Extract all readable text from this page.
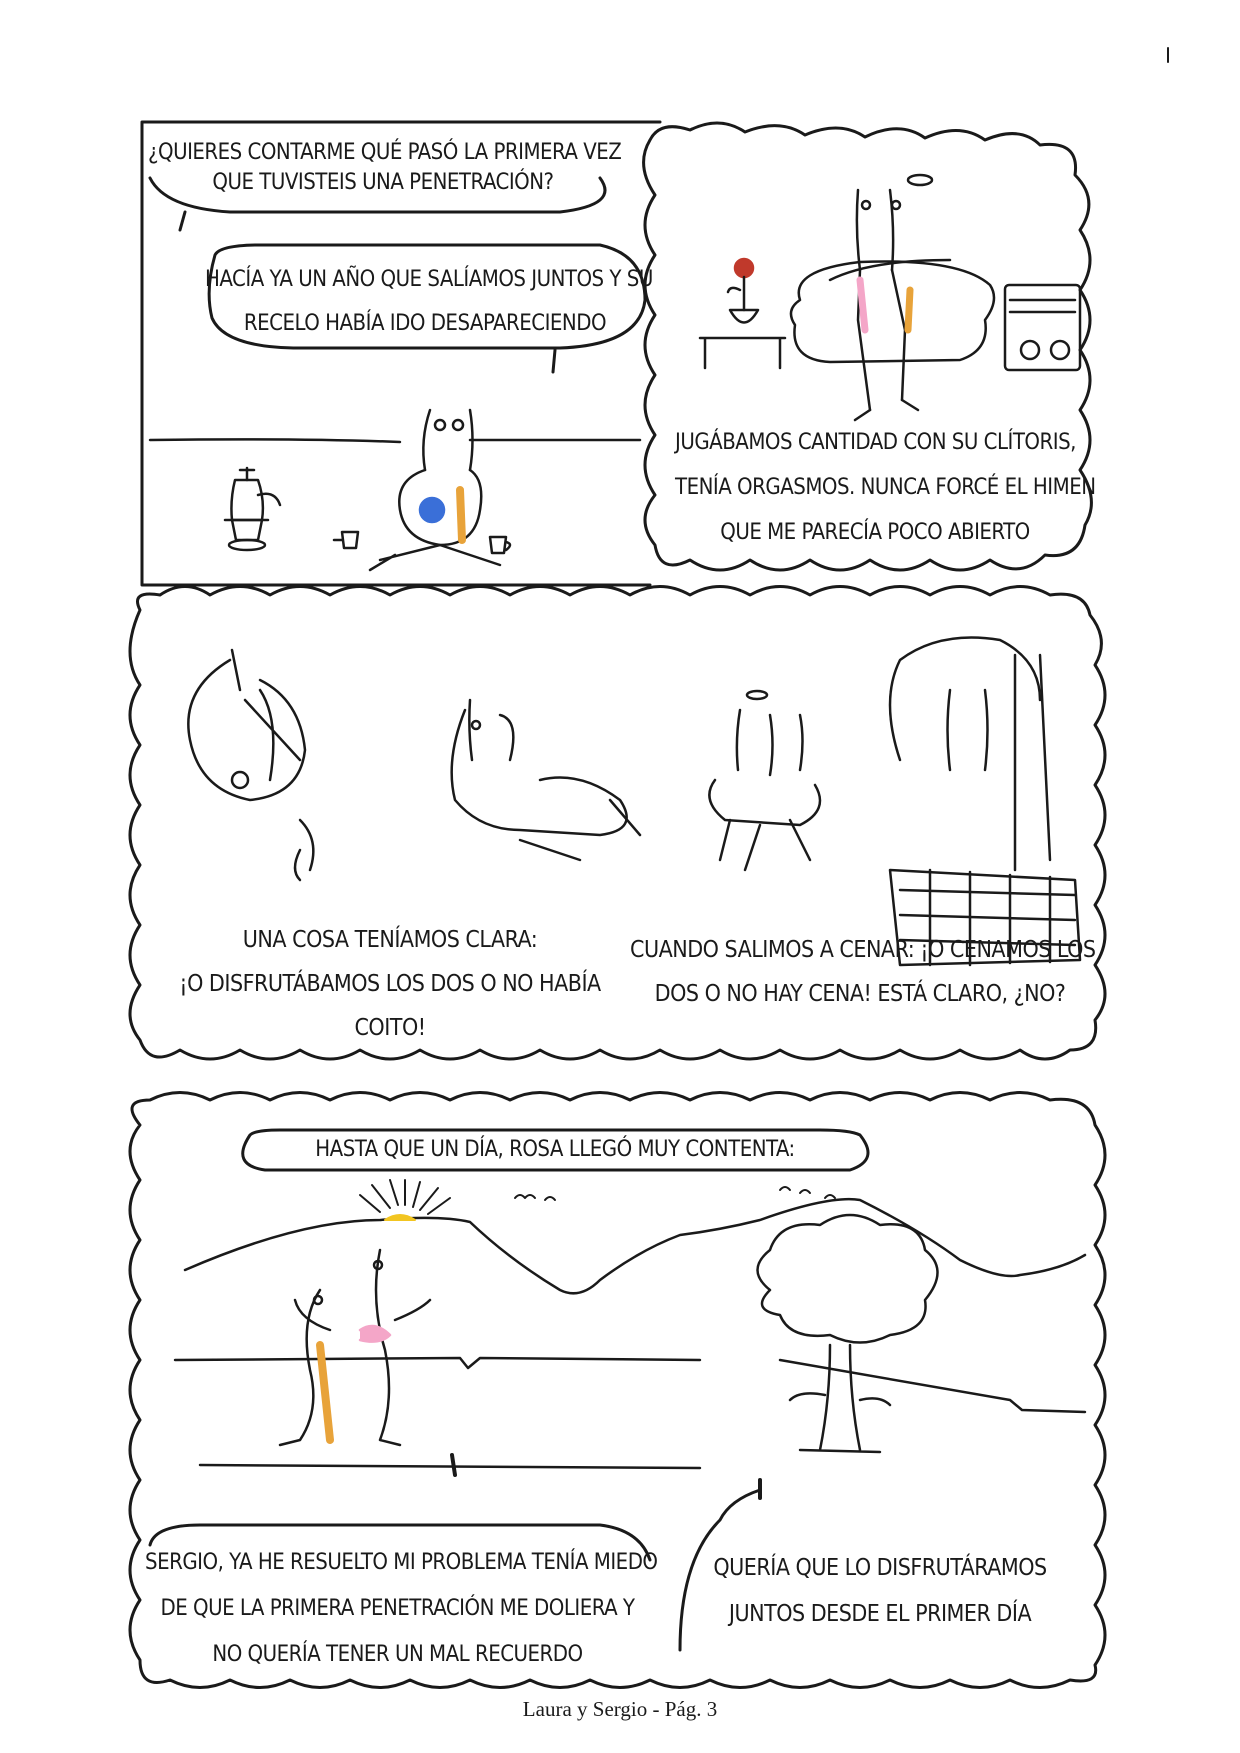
¿QUIERES CONTARME QUÉ PASÓ LA PRIMERA VEZ
QUE TUVISTEIS UNA PENETRACIÓN?
HACÍA YA UN AÑO QUE SALÍAMOS JUNTOS Y SU
RECELO HABÍA IDO DESAPARECIENDO
JUGÁBAMOS CANTIDAD CON SU CLÍTORIS,
TENÍA ORGASMOS. NUNCA FORCÉ EL HIMEN
QUE ME PARECÍA POCO ABIERTO
UNA COSA TENÍAMOS CLARA:
¡O DISFRUTÁBAMOS LOS DOS O NO HABÍA
COITO!
CUANDO SALIMOS A CENAR: ¡O CENAMOS LOS
DOS O NO HAY CENA! ESTÁ CLARO, ¿NO?
HASTA QUE UN DÍA, ROSA LLEGÓ MUY CONTENTA:
SERGIO, YA HE RESUELTO MI PROBLEMA TENÍA MIEDO
DE QUE LA PRIMERA PENETRACIÓN ME DOLIERA Y
NO QUERÍA TENER UN MAL RECUERDO
QUERÍA QUE LO DISFRUTÁRAMOS
JUNTOS DESDE EL PRIMER DÍA
Laura y Sergio - Pág. 3
